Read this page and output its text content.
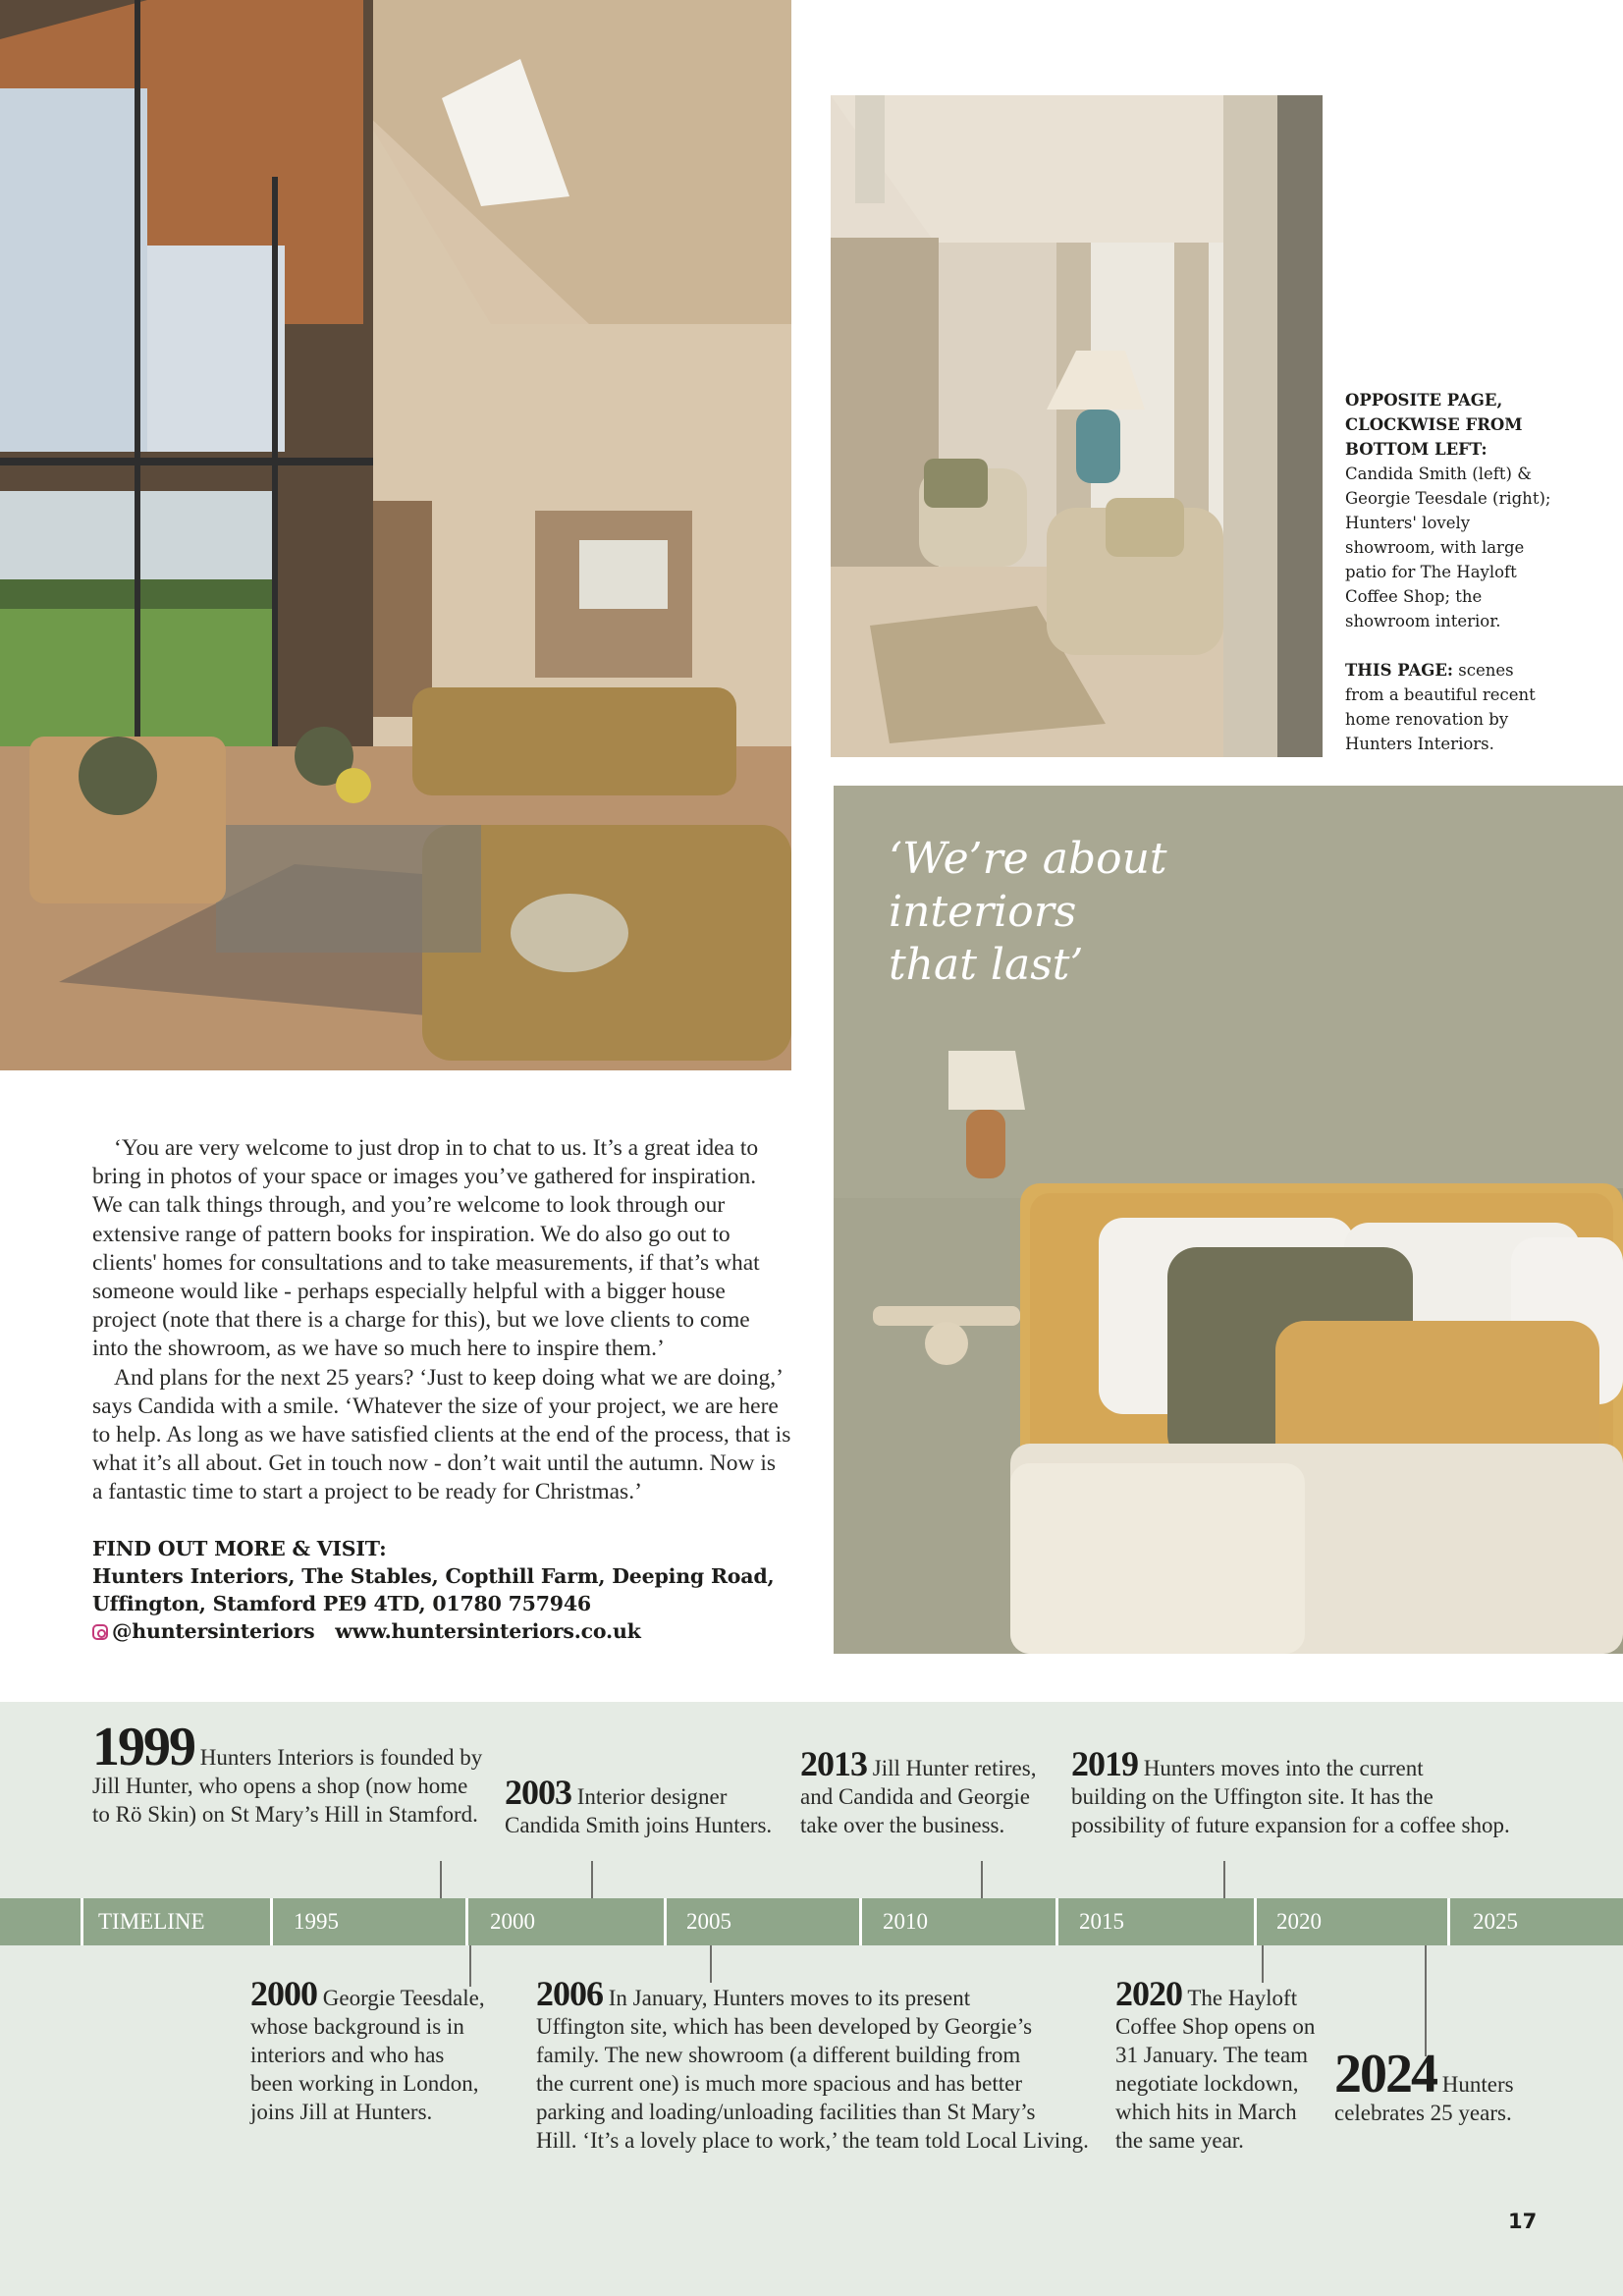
OPPOSITE PAGE, CLOCKWISE FROM BOTTOM LEFT: Candida Smith (left) & Georgie Teesdale (right); Hunters' lovely showroom, with large patio for The Hayloft Coffee Shop; the showroom interior.

THIS PAGE: scenes from a beautiful recent home renovation by Hunters Interiors.

‘We’re about interiors
that last’

‘You are very welcome to just drop in to chat to us. It’s a great idea to bring in photos of your space or images you’ve gathered for inspiration. We can talk things through, and you’re welcome to look through our extensive range of pattern books for inspiration. We do also go out to clients' homes for consultations and to take measurements, if that’s what someone would like - perhaps especially helpful with a bigger house project (note that there is a charge for this), but we love clients to come into the showroom, as we have so much here to inspire them.’

And plans for the next 25 years? ‘Just to keep doing what we are doing,’ says Candida with a smile. ‘Whatever the size of your project, we are here to help. As long as we have satisfied clients at the end of the process, that is what it’s all about. Get in touch now - don’t wait until the autumn. Now is a fantastic time to start a project to be ready for Christmas.’

FIND OUT MORE & VISIT:
Hunters Interiors, The Stables, Copthill Farm, Deeping Road,
Uffington, Stamford PE9 4TD, 01780 757946
@huntersinteriors www.huntersinteriors.co.uk
TIMELINE	1995	2000	2005	2010	2015	2020	2025
1999 Hunters Interiors is founded by
Jill Hunter, who opens a shop (now home
to Rö Skin) on St Mary’s Hill in Stamford.
2003 Interior designer
Candida Smith joins Hunters.
2013 Jill Hunter retires,
and Candida and Georgie
take over the business.
2019 Hunters moves into the current
building on the Uffington site. It has the
possibility of future expansion for a coffee shop.
2000 Georgie Teesdale,
whose background is in
interiors and who has
been working in London,
joins Jill at Hunters.
2006 In January, Hunters moves to its present
Uffington site, which has been developed by Georgie’s
family. The new showroom (a different building from
the current one) is much more spacious and has better
parking and loading/unloading facilities than St Mary’s
Hill. ‘It’s a lovely place to work,’ the team told Local Living.
2020 The Hayloft
Coffee Shop opens on
31 January. The team
negotiate lockdown,
which hits in March
the same year.
2024 Hunters
celebrates 25 years.
17
